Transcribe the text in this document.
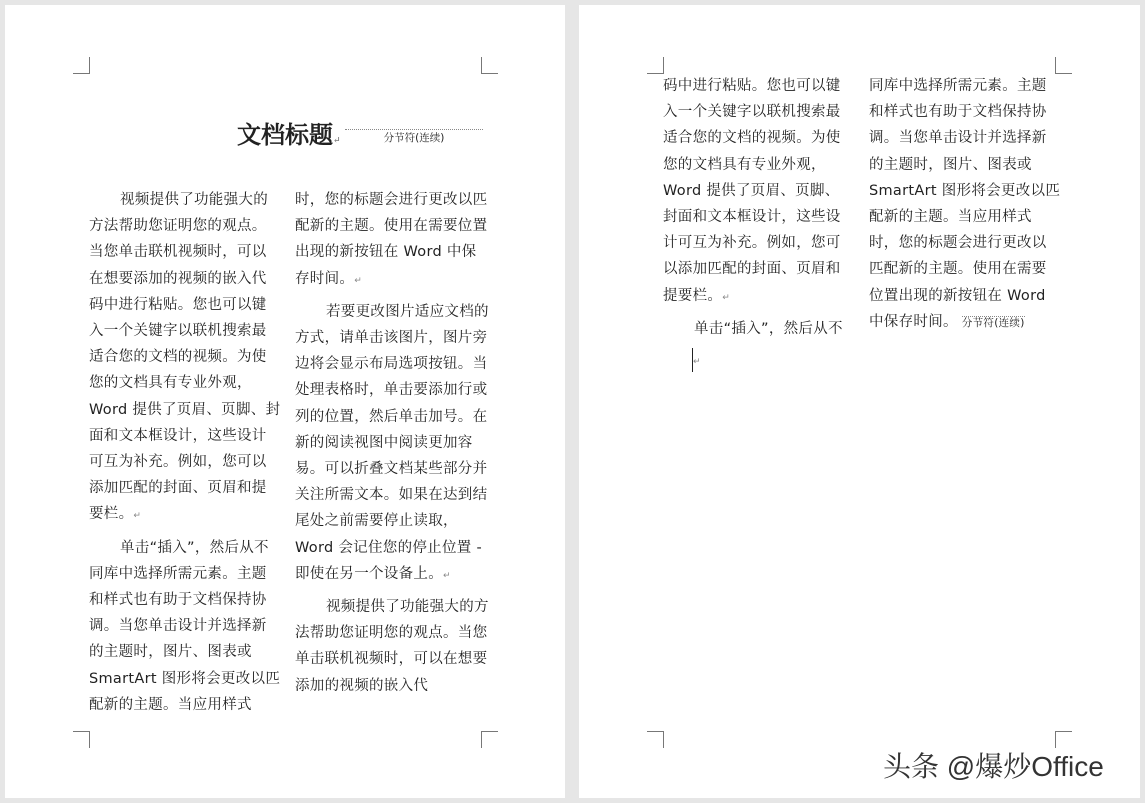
文档标题↵	分节符(连续)

视频提供了功能强大的方法帮助您证明您的观点。当您单击联机视频时，可以在想要添加的视频的嵌入代码中进行粘贴。您也可以键入一个关键字以联机搜索最适合您的文档的视频。为使您的文档具有专业外观，Word 提供了页眉、页脚、封面和文本框设计，这些设计可互为补充。例如，您可以添加匹配的封面、页眉和提要栏。↵

单击“插入”，然后从不同库中选择所需元素。主题和样式也有助于文档保持协调。当您单击设计并选择新的主题时，图片、图表或 SmartArt 图形将会更改以匹配新的主题。当应用样式

时，您的标题会进行更改以匹配新的主题。使用在需要位置出现的新按钮在 Word 中保存时间。↵

若要更改图片适应文档的方式，请单击该图片，图片旁边将会显示布局选项按钮。当处理表格时，单击要添加行或列的位置，然后单击加号。在新的阅读视图中阅读更加容易。可以折叠文档某些部分并关注所需文本。如果在达到结尾处之前需要停止读取，Word 会记住您的停止位置 - 即使在另一个设备上。↵

视频提供了功能强大的方法帮助您证明您的观点。当您单击联机视频时，可以在想要添加的视频的嵌入代

码中进行粘贴。您也可以键入一个关键字以联机搜索最适合您的文档的视频。为使您的文档具有专业外观，Word 提供了页眉、页脚、封面和文本框设计，这些设计可互为补充。例如，您可以添加匹配的封面、页眉和提要栏。↵

单击“插入”，然后从不

↵

同库中选择所需元素。主题和样式也有助于文档保持协调。当您单击设计并选择新的主题时，图片、图表或 SmartArt 图形将会更改以匹配新的主题。当应用样式时，您的标题会进行更改以匹配新的主题。使用在需要位置出现的新按钮在 Word 中保存时间。 分节符(连续)

头条 @爆炒Office
